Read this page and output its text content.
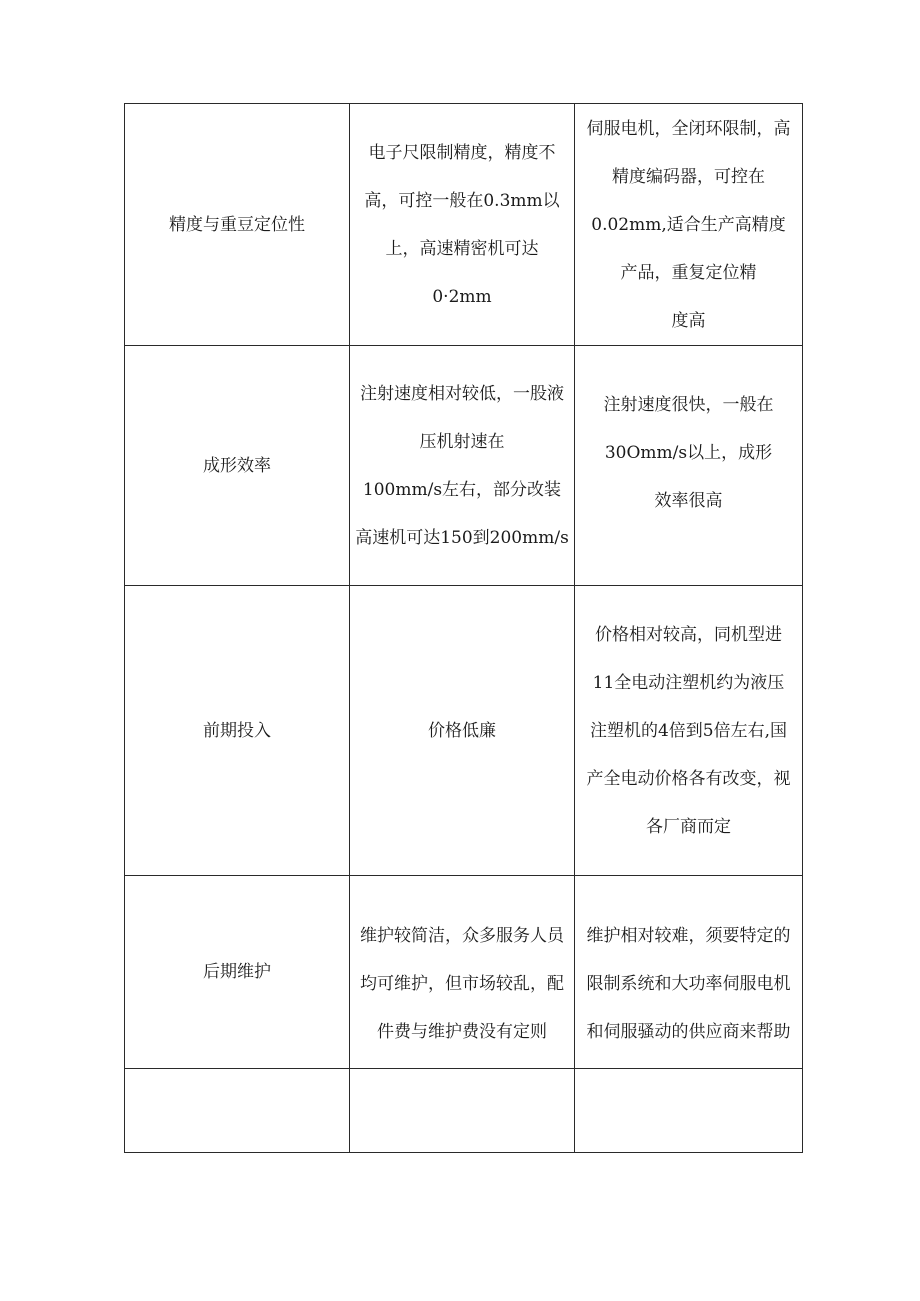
精度与重豆定位性	电子尺限制精度，精度不
高，可控一般在0.3mm以
上，高速精密机可达
0·2mm	伺服电机，全闭环限制，高
精度编码器，可控在
0.02mm,适合生产高精度
产品，重复定位精
度高

成形效率	注射速度相对较低，一股液
压机射速在
100mm/s左右，部分改装
高速机可达150到200mm/s	注射速度很快，一般在
30Omm/s以上，成形
效率很高

前期投入	价格低廉	价格相对较高，同机型进
11全电动注塑机约为液压
注塑机的4倍到5倍左右,国
产全电动价格各有改变，视
各厂商而定

后期维护	维护较简洁，众多服务人员
均可维护，但市场较乱，配
件费与维护费没有定则	维护相对较难，须要特定的
限制系统和大功率伺服电机
和伺服骚动的供应商来帮助
